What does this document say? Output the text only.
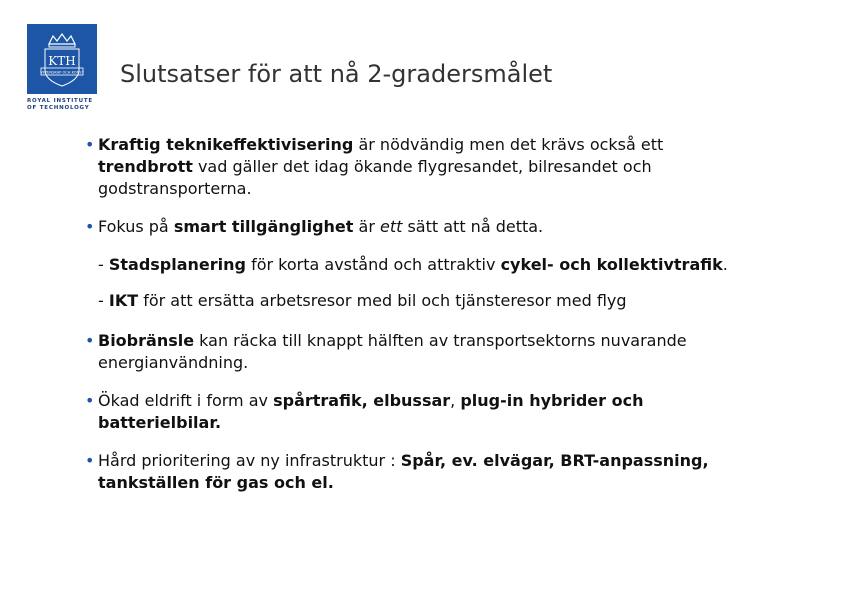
KTH
VETENSKAP OCH KONST
ROYAL INSTITUTE
OF TECHNOLOGY
Slutsatser för att nå 2-gradersmålet

• Kraftig teknikeffektivisering är nödvändig men det krävs också ett trendbrott vad gäller det idag ökande flygresandet, bilresandet och godstransporterna.

• Fokus på smart tillgänglighet är ett sätt att nå detta.

- Stadsplanering för korta avstånd och attraktiv cykel- och kollektivtrafik.

- IKT för att ersätta arbetsresor med bil och tjänsteresor med flyg

• Biobränsle kan räcka till knappt hälften av transportsektorns nuvarande energianvändning.

• Ökad eldrift i form av spårtrafik, elbussar, plug-in hybrider och batterielbilar.

• Hård prioritering av ny infrastruktur : Spår, ev. elvägar, BRT-anpassning, tankställen för gas och el.
